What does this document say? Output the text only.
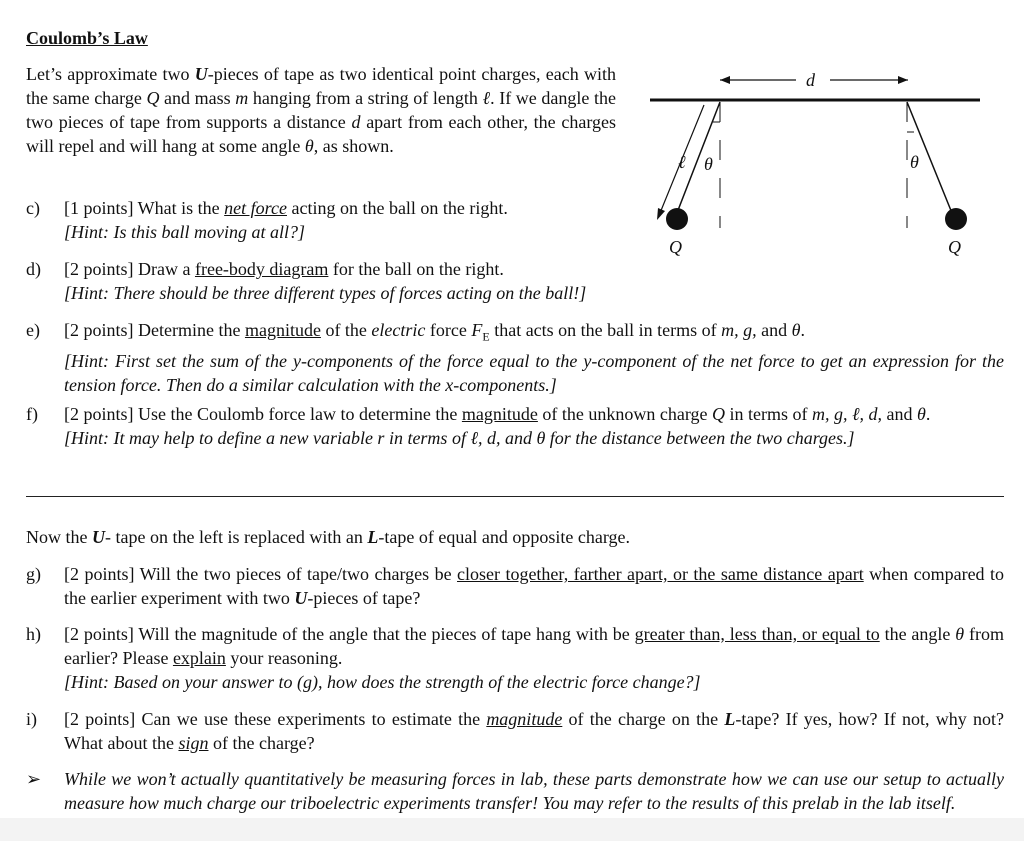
Coulomb’s Law
Let’s approximate two U-pieces of tape as two identical point charges, each with the same charge Q and mass m hanging from a string of length ℓ. If we dangle the two pieces of tape from supports a distance d apart from each other, the charges will repel and will hang at some angle θ, as shown.
d
ℓ θ
Q
θ
Q
c)	[1 points] What is the net force acting on the ball on the right.
[Hint: Is this ball moving at all?]
d)	[2 points] Draw a free-body diagram for the ball on the right.
[Hint: There should be three different types of forces acting on the ball!]
e)	[2 points] Determine the magnitude of the electric force $F_E$ that acts on the ball in terms of m, g, and θ.
[Hint: First set the sum of the y-components of the force equal to the y-component of the net force to get an expression for the tension force. Then do a similar calculation with the x-components.]
f)	[2 points] Use the Coulomb force law to determine the magnitude of the unknown charge Q in terms of m, g, ℓ, d, and θ.
[Hint: It may help to define a new variable r in terms of ℓ, d, and θ for the distance between the two charges.]
Now the U- tape on the left is replaced with an L-tape of equal and opposite charge.
g)	[2 points] Will the two pieces of tape/two charges be closer together, farther apart, or the same distance apart when compared to the earlier experiment with two U-pieces of tape?
h)	[2 points] Will the magnitude of the angle that the pieces of tape hang with be greater than, less than, or equal to the angle θ from earlier? Please explain your reasoning.
[Hint: Based on your answer to (g), how does the strength of the electric force change?]
i)	[2 points] Can we use these experiments to estimate the magnitude of the charge on the L-tape? If yes, how? If not, why not? What about the sign of the charge?
➢	While we won’t actually quantitatively be measuring forces in lab, these parts demonstrate how we can use our setup to actually measure how much charge our triboelectric experiments transfer! You may refer to the results of this prelab in the lab itself.
